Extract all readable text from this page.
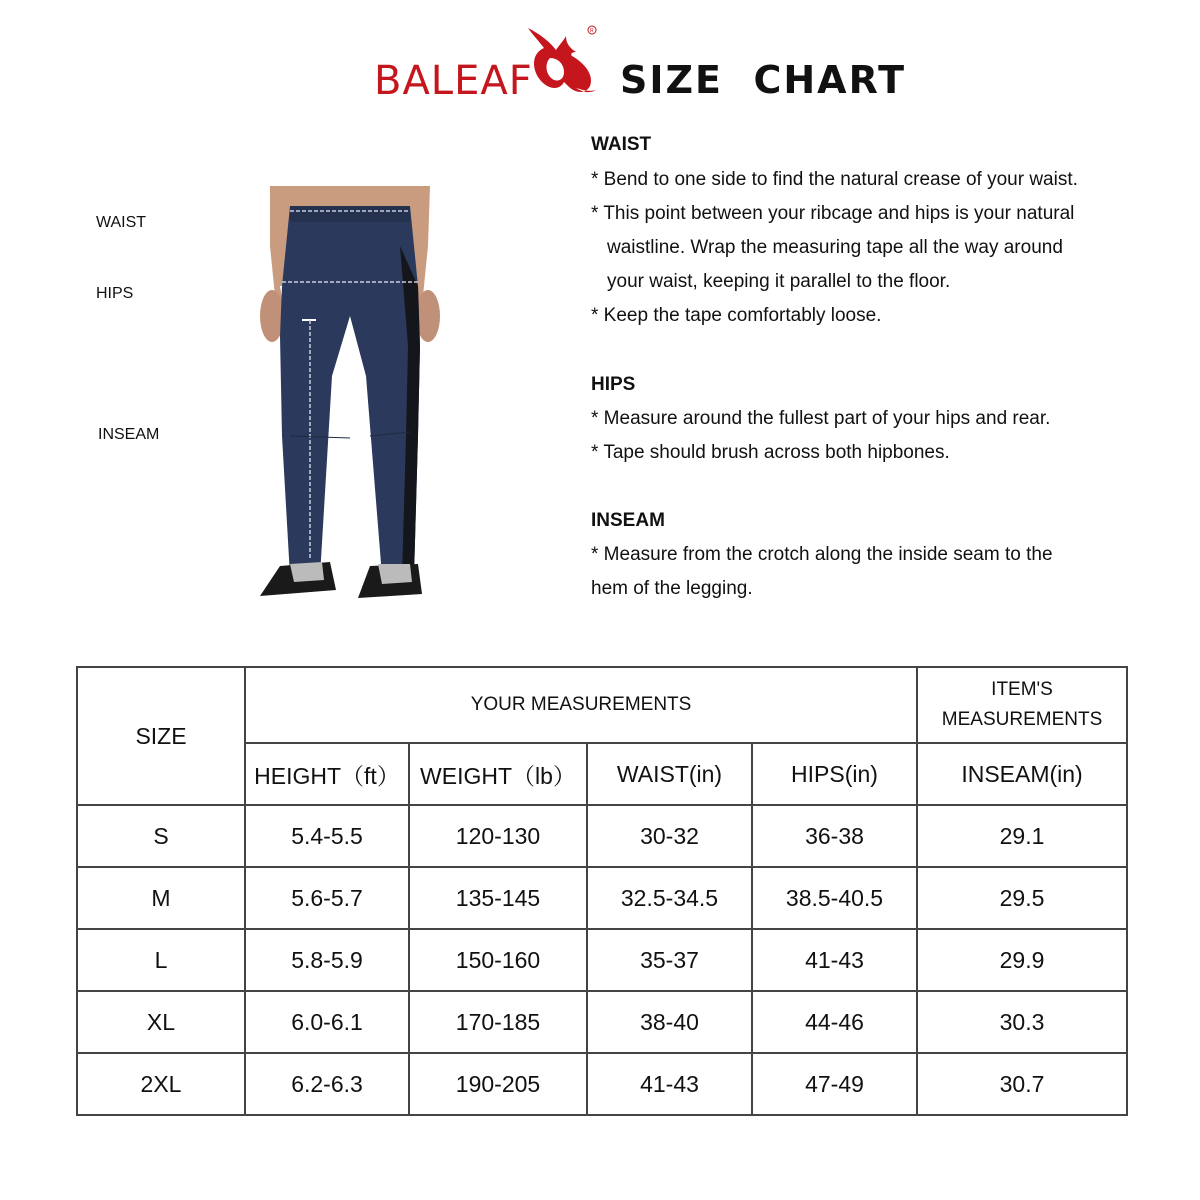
BALEAF
R
SIZE  CHART
WAIST
HIPS
INSEAM
WAIST
* Bend to one side to find the natural crease of your waist.
* This point between your ribcage and hips is your natural
waistline. Wrap the measuring tape all the way around
your waist, keeping it parallel to the floor.
* Keep the tape comfortably loose.
HIPS
* Measure around the fullest part of your hips and rear.
* Tape should brush across both hipbones.
INSEAM
* Measure from the crotch along the inside seam to the
hem of the legging.
SIZE	YOUR MEASUREMENTS				ITEM'S
MEASUREMENTS

	HEIGHT（ft）	WEIGHT（lb）	WAIST(in)	HIPS(in)	INSEAM(in)
S	5.4-5.5	120-130	30-32	36-38	29.1
M	5.6-5.7	135-145	32.5-34.5	38.5-40.5	29.5
L	5.8-5.9	150-160	35-37	41-43	29.9
XL	6.0-6.1	170-185	38-40	44-46	30.3
2XL	6.2-6.3	190-205	41-43	47-49	30.7
